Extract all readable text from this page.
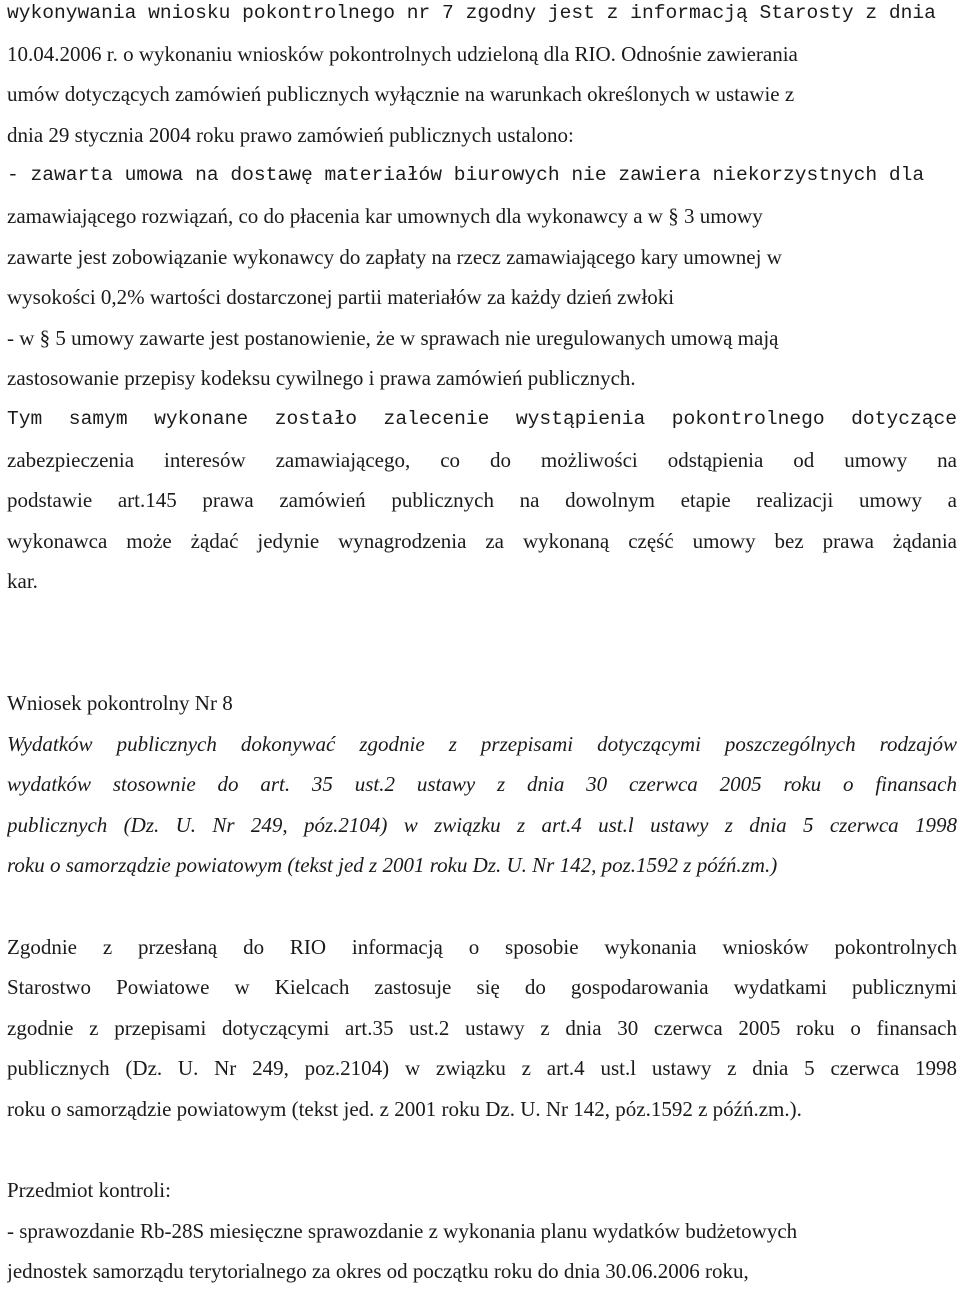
wykonywania wniosku pokontrolnego nr 7 zgodny jest z informacją Starosty z dnia
10.04.2006 r. o wykonaniu wniosków pokontrolnych udzieloną dla RIO. Odnośnie zawierania
umów dotyczących zamówień publicznych wyłącznie na warunkach określonych w ustawie z
dnia 29 stycznia 2004 roku prawo zamówień publicznych ustalono:
- zawarta umowa na dostawę materiałów biurowych nie zawiera niekorzystnych dla
zamawiającego rozwiązań, co do płacenia kar umownych dla wykonawcy a w § 3 umowy
zawarte jest zobowiązanie wykonawcy do zapłaty na rzecz zamawiającego kary umownej w
wysokości 0,2% wartości dostarczonej partii materiałów za każdy dzień zwłoki
- w § 5 umowy zawarte jest postanowienie, że w sprawach nie uregulowanych umową mają
zastosowanie przepisy kodeksu cywilnego i prawa zamówień publicznych.
Tym samym wykonane zostało zalecenie wystąpienia pokontrolnego dotyczące
zabezpieczenia interesów zamawiającego, co do możliwości odstąpienia od umowy na
podstawie art.145 prawa zamówień publicznych na dowolnym etapie realizacji umowy a
wykonawca może żądać jedynie wynagrodzenia za wykonaną część umowy bez prawa żądania
kar.
Wniosek pokontrolny Nr 8
Wydatków publicznych dokonywać zgodnie z przepisami dotyczącymi poszczególnych rodzajów
wydatków stosownie do art. 35 ust.2 ustawy z dnia 30 czerwca 2005 roku o finansach
publicznych (Dz. U. Nr 249, póz.2104) w związku z art.4 ust.l ustawy z dnia 5 czerwca 1998
roku o samorządzie powiatowym (tekst jed z 2001 roku Dz. U. Nr 142, poz.1592 z późń.zm.)
Zgodnie z przesłaną do RIO informacją o sposobie wykonania wniosków pokontrolnych
Starostwo Powiatowe w Kielcach zastosuje się do gospodarowania wydatkami publicznymi
zgodnie z przepisami dotyczącymi art.35 ust.2 ustawy z dnia 30 czerwca 2005 roku o finansach
publicznych (Dz. U. Nr 249, poz.2104) w związku z art.4 ust.l ustawy z dnia 5 czerwca 1998
roku o samorządzie powiatowym (tekst jed. z 2001 roku Dz. U. Nr 142, póz.1592 z późń.zm.).
Przedmiot kontroli:
- sprawozdanie Rb-28S miesięczne sprawozdanie z wykonania planu wydatków budżetowych
jednostek samorządu terytorialnego za okres od początku roku do dnia 30.06.2006 roku,
